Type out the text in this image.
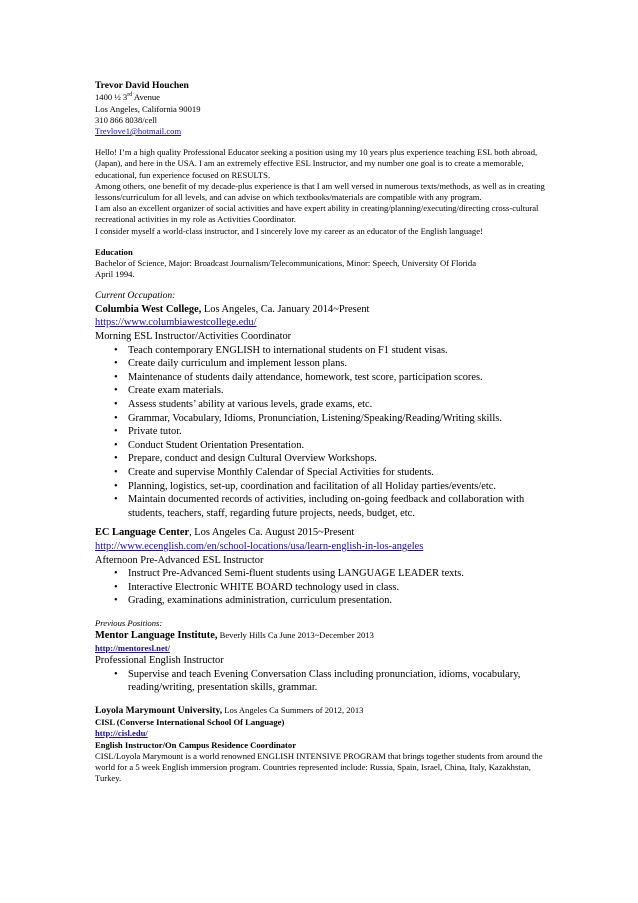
Trevor David Houchen
1400 ½ 3rd Avenue
Los Angeles, California 90019
310 866 8038/cell
Trevlove1@hotmail.com

Hello! I’m a high quality Professional Educator seeking a position using my 10 years plus experience teaching ESL both abroad, (Japan), and here in the USA. I am an extremely effective ESL Instructor, and my number one goal is to create a memorable, educational, fun experience focused on RESULTS.

Among others, one benefit of my decade-plus experience is that I am well versed in numerous texts/methods, as well as in creating lessons/curriculum for all levels, and can advise on which textbooks/materials are compatible with any program.

I am also an excellent organizer of social activities and have expert ability in creating/planning/executing/directing cross-cultural recreational activities in my role as Activities Coordinator.

I consider myself a world-class instructor, and I sincerely love my career as an educator of the English language!

Education
Bachelor of Science, Major: Broadcast Journalism/Telecommunications, Minor: Speech, University Of Florida
April 1994.
Current Occupation:
Columbia West College, Los Angeles, Ca. January 2014~Present
https://www.columbiawestcollege.edu/
Morning ESL Instructor/Activities Coordinator
• Teach contemporary ENGLISH to international students on F1 student visas.
• Create daily curriculum and implement lesson plans.
• Maintenance of students daily attendance, homework, test score, participation scores.
• Create exam materials.
• Assess students’ ability at various levels, grade exams, etc.
• Grammar, Vocabulary, Idioms, Pronunciation, Listening/Speaking/Reading/Writing skills.
• Private tutor.
• Conduct Student Orientation Presentation.
• Prepare, conduct and design Cultural Overview Workshops.
• Create and supervise Monthly Calendar of Special Activities for students.
• Planning, logistics, set-up, coordination and facilitation of all Holiday parties/events/etc.
• Maintain documented records of activities, including on-going feedback and collaboration with students, teachers, staff, regarding future projects, needs, budget, etc.
EC Language Center, Los Angeles Ca. August 2015~Present
http://www.ecenglish.com/en/school-locations/usa/learn-english-in-los-angeles
Afternoon Pre-Advanced ESL Instructor
• Instruct Pre-Advanced Semi-fluent students using LANGUAGE LEADER texts.
• Interactive Electronic WHITE BOARD technology used in class.
• Grading, examinations administration, curriculum presentation.
Previous Positions:
Mentor Language Institute, Beverly Hills Ca June 2013~December 2013
http://mentoresl.net/
Professional English Instructor
• Supervise and teach Evening Conversation Class including pronunciation, idioms, vocabulary, reading/writing, presentation skills, grammar.
Loyola Marymount University, Los Angeles Ca Summers of 2012, 2013
CISL (Converse International School Of Language)
http://cisl.edu/
English Instructor/On Campus Residence Coordinator

CISL/Loyola Marymount is a world renowned ENGLISH INTENSIVE PROGRAM that brings together students from around the world for a 5 week English immersion program. Countries represented include: Russia, Spain, Israel, China, Italy, Kazakhstan, Turkey.
